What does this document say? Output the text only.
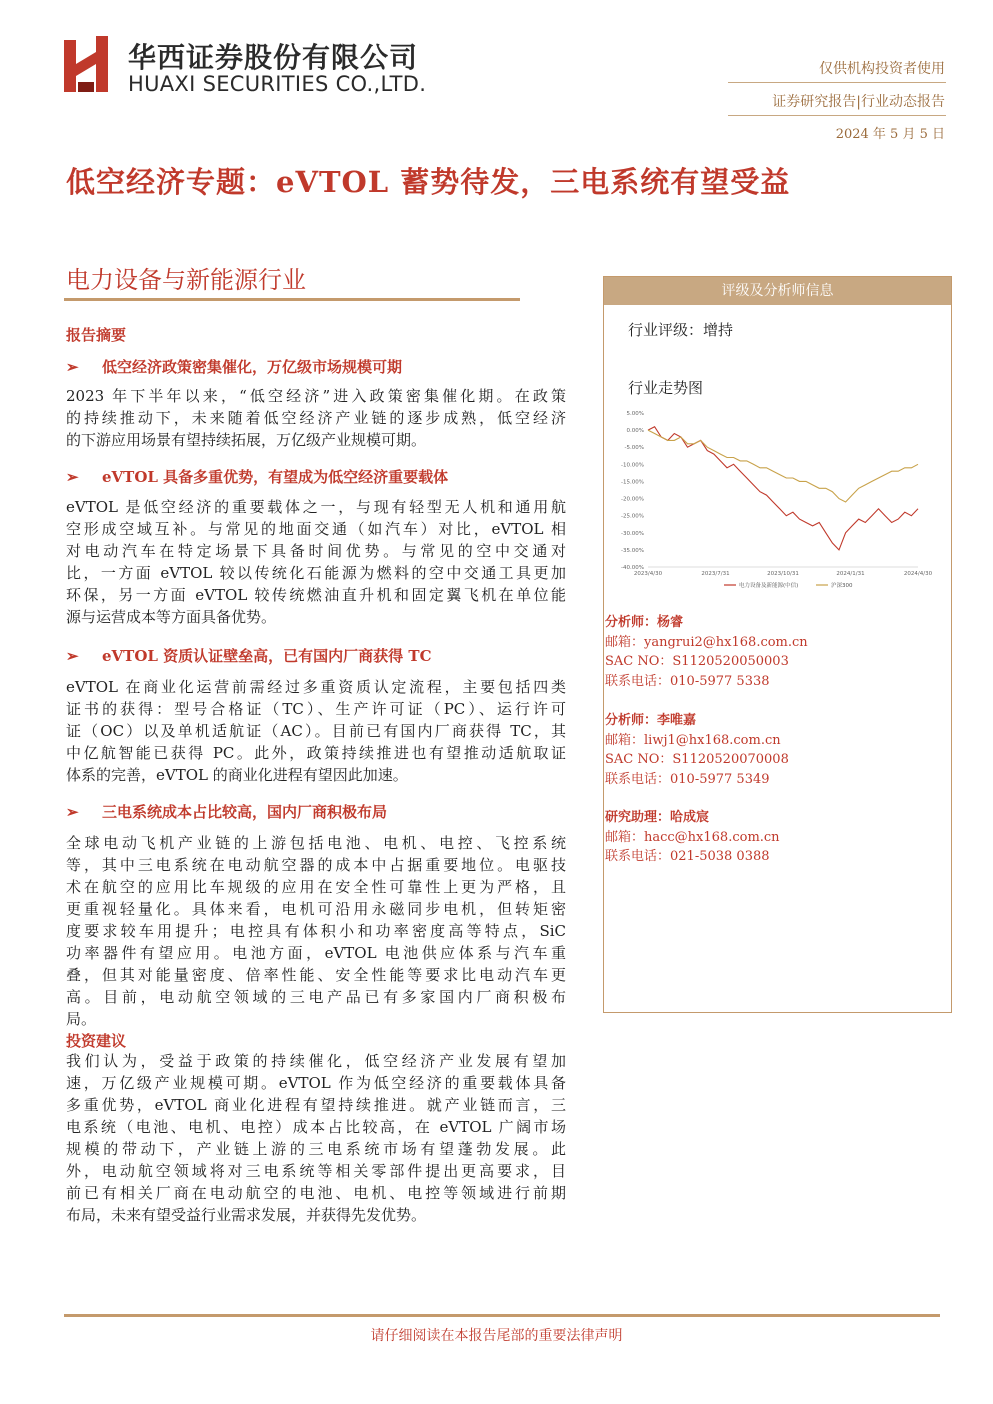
华西证券股份有限公司
HUAXI SECURITIES CO.,LTD.
仅供机构投资者使用
证券研究报告|行业动态报告
2024 年 5 月 5 日
低空经济专题：eVTOL 蓄势待发，三电系统有望受益
电力设备与新能源行业
报告摘要
➢ 低空经济政策密集催化，万亿级市场规模可期
2023 年下半年以来，“低空经济”进入政策密集催化期。在政策
的持续推动下，未来随着低空经济产业链的逐步成熟，低空经济
的下游应用场景有望持续拓展，万亿级产业规模可期。
➢ eVTOL 具备多重优势，有望成为低空经济重要载体
eVTOL 是低空经济的重要载体之一，与现有轻型无人机和通用航
空形成空域互补。与常见的地面交通（如汽车）对比，eVTOL 相
对电动汽车在特定场景下具备时间优势。与常见的空中交通对
比，一方面 eVTOL 较以传统化石能源为燃料的空中交通工具更加
环保，另一方面 eVTOL 较传统燃油直升机和固定翼飞机在单位能
源与运营成本等方面具备优势。
➢ eVTOL 资质认证壁垒高，已有国内厂商获得 TC
eVTOL 在商业化运营前需经过多重资质认定流程，主要包括四类
证书的获得：型号合格证（TC）、生产许可证（PC）、运行许可
证（OC）以及单机适航证（AC）。目前已有国内厂商获得 TC，其
中亿航智能已获得 PC。此外，政策持续推进也有望推动适航取证
体系的完善，eVTOL 的商业化进程有望因此加速。
➢ 三电系统成本占比较高，国内厂商积极布局
全球电动飞机产业链的上游包括电池、电机、电控、飞控系统
等，其中三电系统在电动航空器的成本中占据重要地位。电驱技
术在航空的应用比车规级的应用在安全性可靠性上更为严格，且
更重视轻量化。具体来看，电机可沿用永磁同步电机，但转矩密
度要求较车用提升；电控具有体积小和功率密度高等特点，SiC
功率器件有望应用。电池方面，eVTOL 电池供应体系与汽车重
叠，但其对能量密度、倍率性能、安全性能等要求比电动汽车更
高。目前，电动航空领域的三电产品已有多家国内厂商积极布
局。
投资建议
我们认为，受益于政策的持续催化，低空经济产业发展有望加
速，万亿级产业规模可期。eVTOL 作为低空经济的重要载体具备
多重优势，eVTOL 商业化进程有望持续推进。就产业链而言，三
电系统（电池、电机、电控）成本占比较高，在 eVTOL 广阔市场
规模的带动下，产业链上游的三电系统市场有望蓬勃发展。此
外，电动航空领域将对三电系统等相关零部件提出更高要求，目
前已有相关厂商在电动航空的电池、电机、电控等领域进行前期
布局，未来有望受益行业需求发展，并获得先发优势。
评级及分析师信息
行业评级：增持
行业走势图
5.00%
0.00%
-5.00%
-10.00%
-15.00%
-20.00%
-25.00%
-30.00%
-35.00%
-40.00%
2023/4/30	2023/7/31	2023/10/31	2024/1/31	2024/4/30
电力设备及新能源(中信)	沪深300
分析师：杨睿
邮箱：yangrui2@hx168.com.cn
SAC NO：S1120520050003
联系电话：010-5977 5338
分析师：李唯嘉
邮箱：liwj1@hx168.com.cn
SAC NO：S1120520070008
联系电话：010-5977 5349
研究助理：哈成宸
邮箱：hacc@hx168.com.cn
联系电话：021-5038 0388
请仔细阅读在本报告尾部的重要法律声明
